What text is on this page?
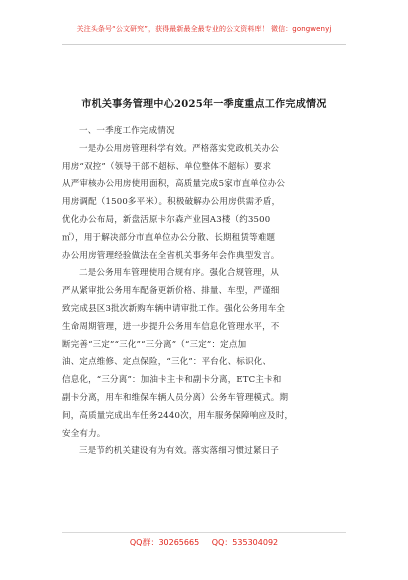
关注头条号“公文研究”，获得最新最全最专业的公文资料库！ 微信：gongwenyj
市机关事务管理中心2025年一季度重点工作完成情况
一、一季度工作完成情况
一是办公用房管理科学有效。严格落实党政机关办公
用房“双控”（领导干部不超标、单位整体不超标）要求
从严审核办公用房使用面积，高质量完成5家市直单位办公
用房调配（1500多平米）。积极破解办公用房供需矛盾，
优化办公布局，新盘活原卡尔森产业园A3楼（约3500
㎡），用于解决部分市直单位办公分散、长期租赁等难题
办公用房管理经验做法在全省机关事务年会作典型发言。
二是公务用车管理使用合规有序。强化合规管理，从
严从紧审批公务用车配备更新价格、排量、车型，严谨细
致完成县区3批次新购车辆申请审批工作。强化公务用车全
生命周期管理，进一步提升公务用车信息化管理水平，不
断完善“三定”“三化”“三分离”（“三定”：定点加
油、定点维修、定点保险，“三化”：平台化、标识化、
信息化，“三分离”：加油卡主卡和副卡分离，ETC主卡和
副卡分离，用车和维保车辆人员分离）公务车管理模式。期
间，高质量完成出车任务2440次，用车服务保障响应及时，
安全有力。
三是节约机关建设有为有效。落实落细习惯过紧日子
QQ群：30265665 QQ：535304092
